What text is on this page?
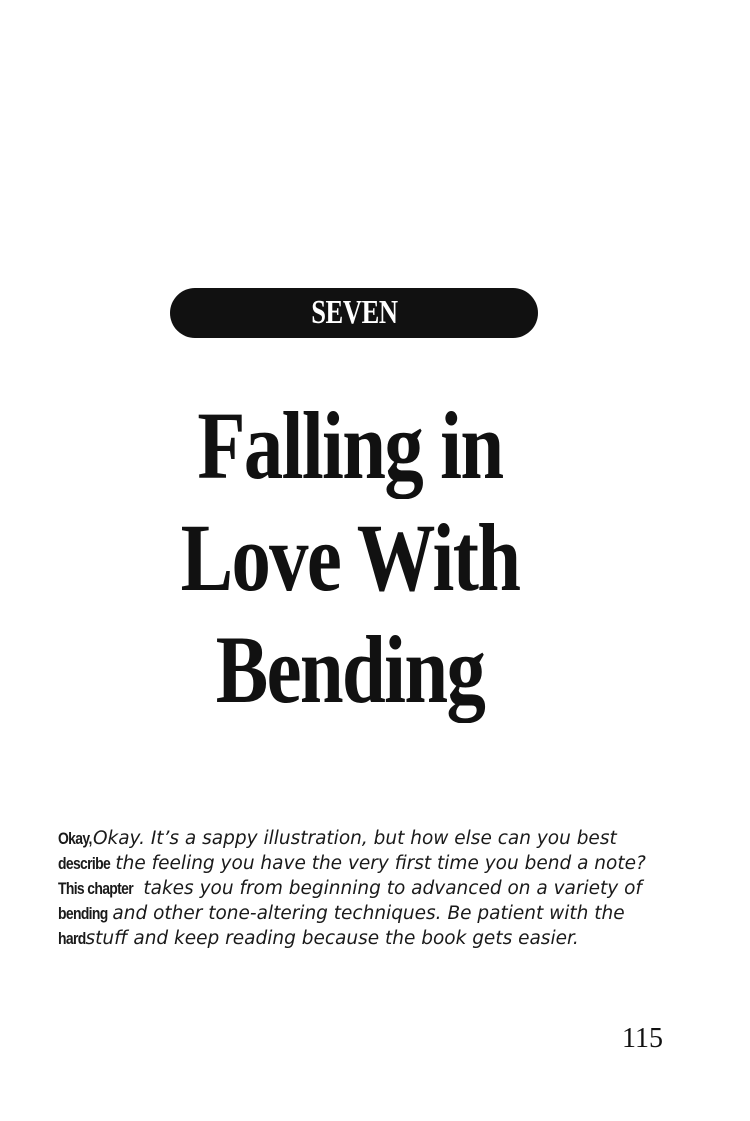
SEVEN
Falling in
Love With
Bending
Okay, Okay. It’s a sappy illustration, but how else can you best
describe the feeling you have the very first time you bend a note?
This chapter takes you from beginning to advanced on a variety of
bending and other tone-altering techniques. Be patient with the
hard stuff and keep reading because the book gets easier.
115
